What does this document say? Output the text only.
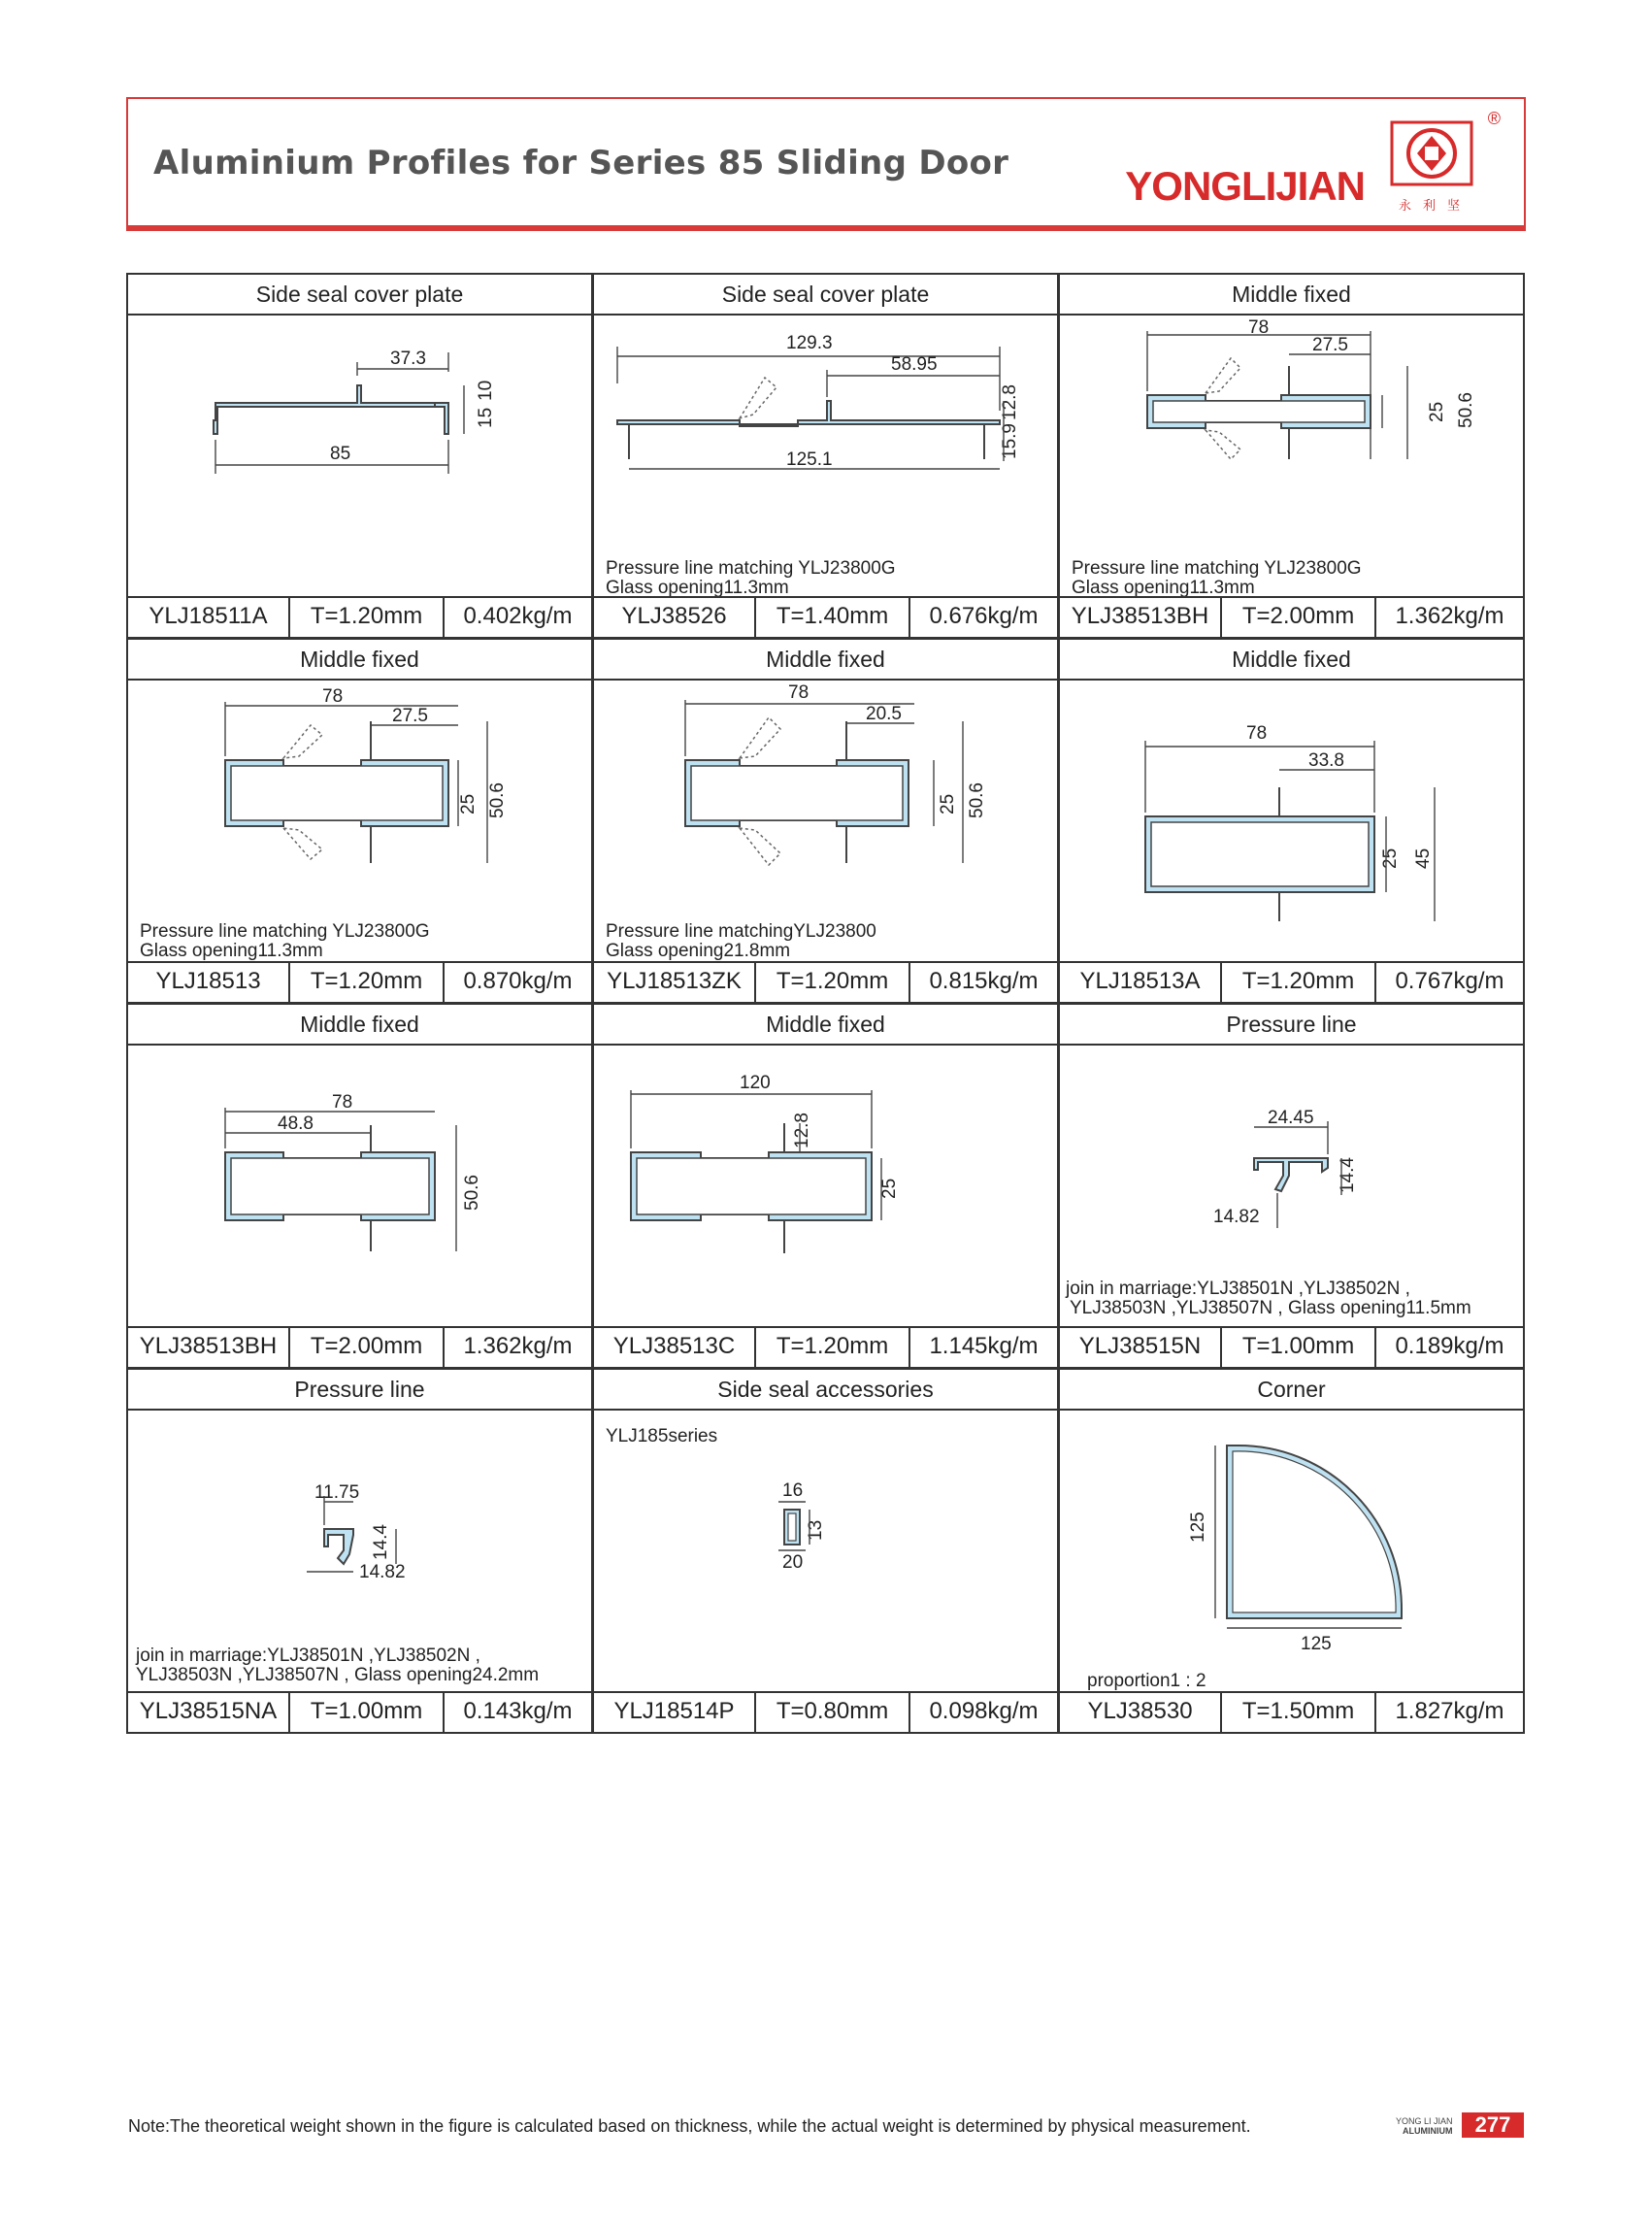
Aluminium Profiles for Series 85 Sliding Door	YONGLIJIAN
®
永利坚
Side seal cover plate
37.3
10
15
85
YLJ18511A	T=1.20mm	0.402kg/m
Side seal cover plate
129.3
58.95
12.8
15.9
125.1
Pressure line matching YLJ23800G
Glass opening11.3mm
YLJ38526	T=1.40mm	0.676kg/m
Middle fixed
78
27.5
25 50.6
Pressure line matching YLJ23800G
Glass opening11.3mm
YLJ38513BH	T=2.00mm	1.362kg/m
Middle fixed
78
27.5
25 50.6
Pressure line matching YLJ23800G
Glass opening11.3mm
YLJ18513	T=1.20mm	0.870kg/m
Middle fixed
78
20.5
25 50.6
Pressure line matchingYLJ23800
Glass opening21.8mm
YLJ18513ZK	T=1.20mm	0.815kg/m
Middle fixed
78
33.8
25 45
YLJ18513A	T=1.20mm	0.767kg/m
Middle fixed
78
48.8
50.6
YLJ38513BH	T=2.00mm	1.362kg/m
Middle fixed
120
12.8
25
YLJ38513C	T=1.20mm	1.145kg/m
Pressure line
24.45
14.4
14.82
join in marriage:YLJ38501N ,YLJ38502N ,
YLJ38503N ,YLJ38507N , Glass opening11.5mm
YLJ38515N	T=1.00mm	0.189kg/m
Pressure line
11.75
14.4
14.82
join in marriage:YLJ38501N ,YLJ38502N ,
YLJ38503N ,YLJ38507N , Glass opening24.2mm
YLJ38515NA	T=1.00mm	0.143kg/m
Side seal accessories
YLJ185series
16
13
20
YLJ18514P	T=0.80mm	0.098kg/m
Corner
125
125
proportion1 : 2
YLJ38530	T=1.50mm	1.827kg/m
Note:The theoretical weight shown in the figure is calculated based on thickness, while the actual weight is determined by physical measurement.	YONG LI JIAN
ALUMINIUM	277
